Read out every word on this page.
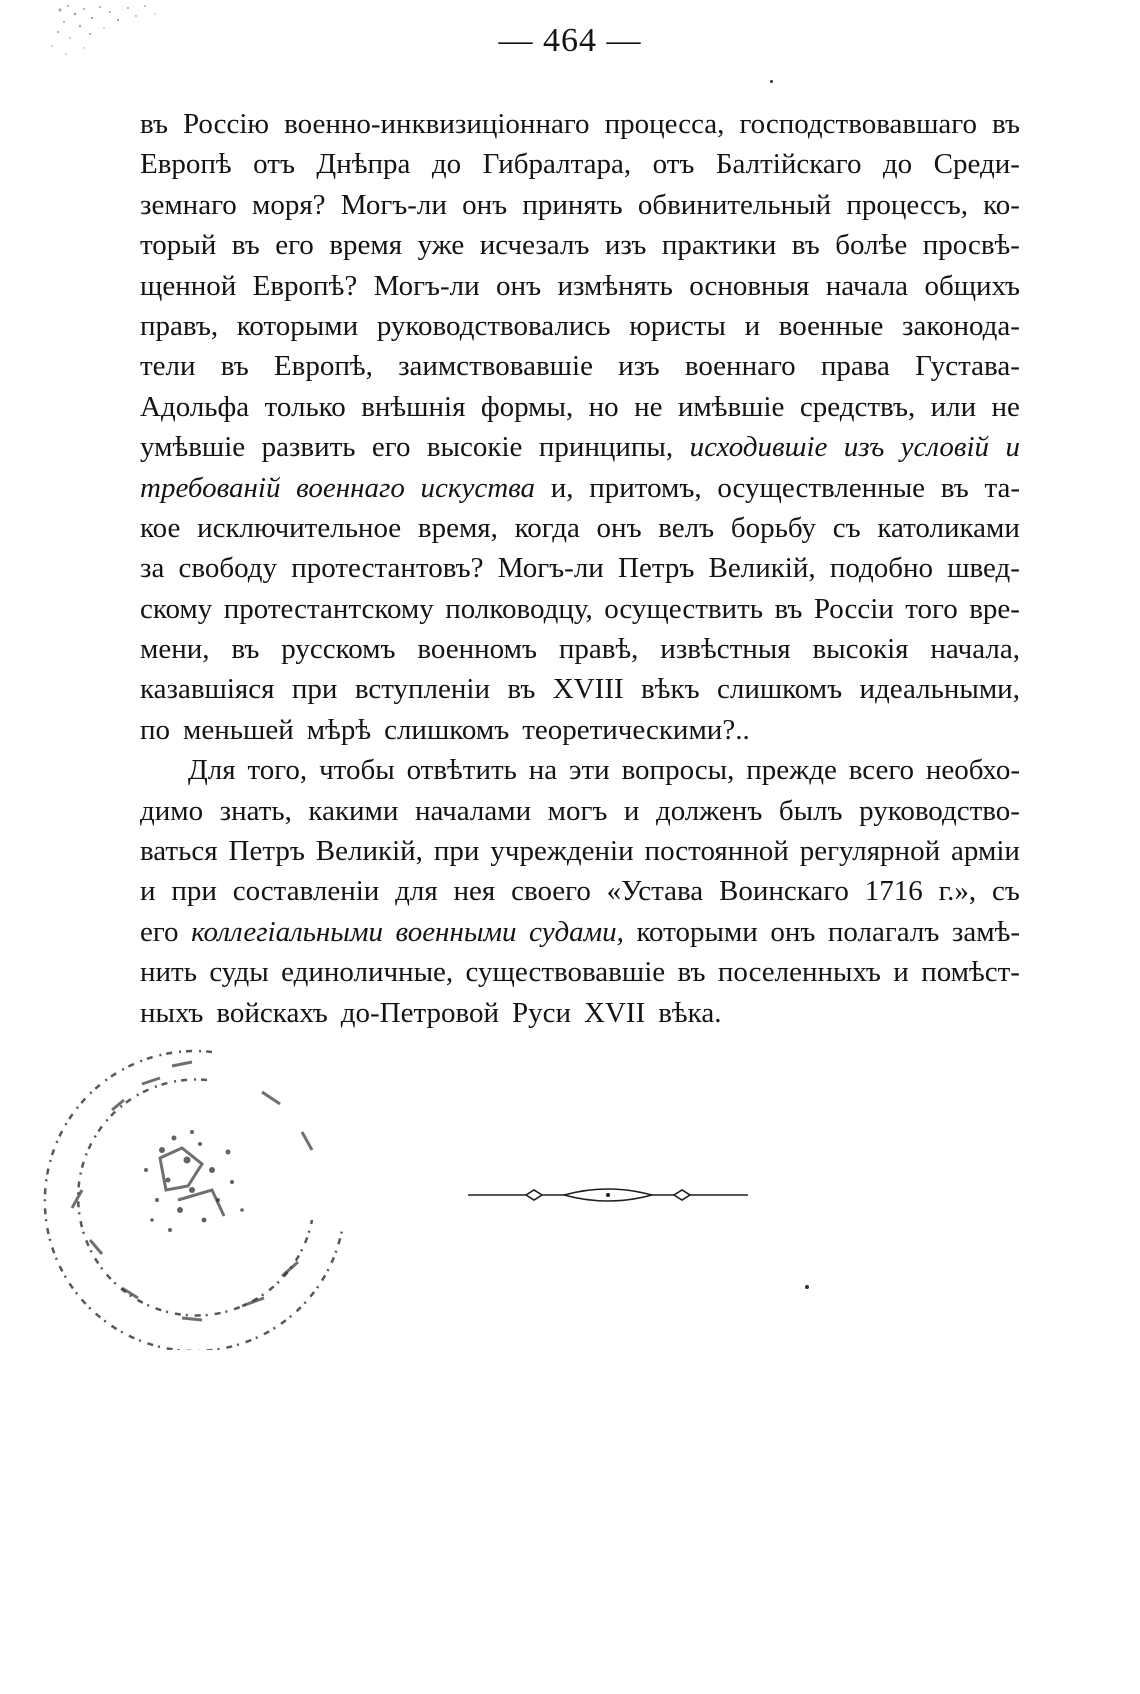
— 464 —
въ Россію военно-инквизиціоннаго процесса, господствовавшаго въ
Европѣ отъ Днѣпра до Гибралтара, отъ Балтійскаго до Среди-
земнаго моря? Могъ-ли онъ принять обвинительный процессъ, ко-
торый въ его время уже исчезалъ изъ практики въ болѣе просвѣ-
щенной Европѣ? Могъ-ли онъ измѣнять основныя начала общихъ
правъ, которыми руководствовались юристы и военные законода-
тели въ Европѣ, заимствовавшіе изъ военнаго права Густава-
Адольфа только внѣшнія формы, но не имѣвшіе средствъ, или не
умѣвшіе развить его высокіе принципы, исходившіе изъ условій и
требованій военнаго искуства и, притомъ, осуществленные въ та-
кое исключительное время, когда онъ велъ борьбу съ католиками
за свободу протестантовъ? Могъ-ли Петръ Великій, подобно швед-
скому протестантскому полководцу, осуществить въ Россіи того вре-
мени, въ русскомъ военномъ правѣ, извѣстныя высокія начала,
казавшіяся при вступленіи въ XVIII вѣкъ слишкомъ идеальными,
по меньшей мѣрѣ слишкомъ теоретическими?..
Для того, чтобы отвѣтить на эти вопросы, прежде всего необхо-
димо знать, какими началами могъ и долженъ былъ руководство-
ваться Петръ Великій, при учрежденіи постоянной регулярной арміи
и при составленіи для нея своего «Устава Воинскаго 1716 г.», съ
его коллегіальными военными судами, которыми онъ полагалъ замѣ-
нить суды единоличные, существовавшіе въ поселенныхъ и помѣст-
ныхъ войскахъ до-Петровой Руси XVII вѣка.
